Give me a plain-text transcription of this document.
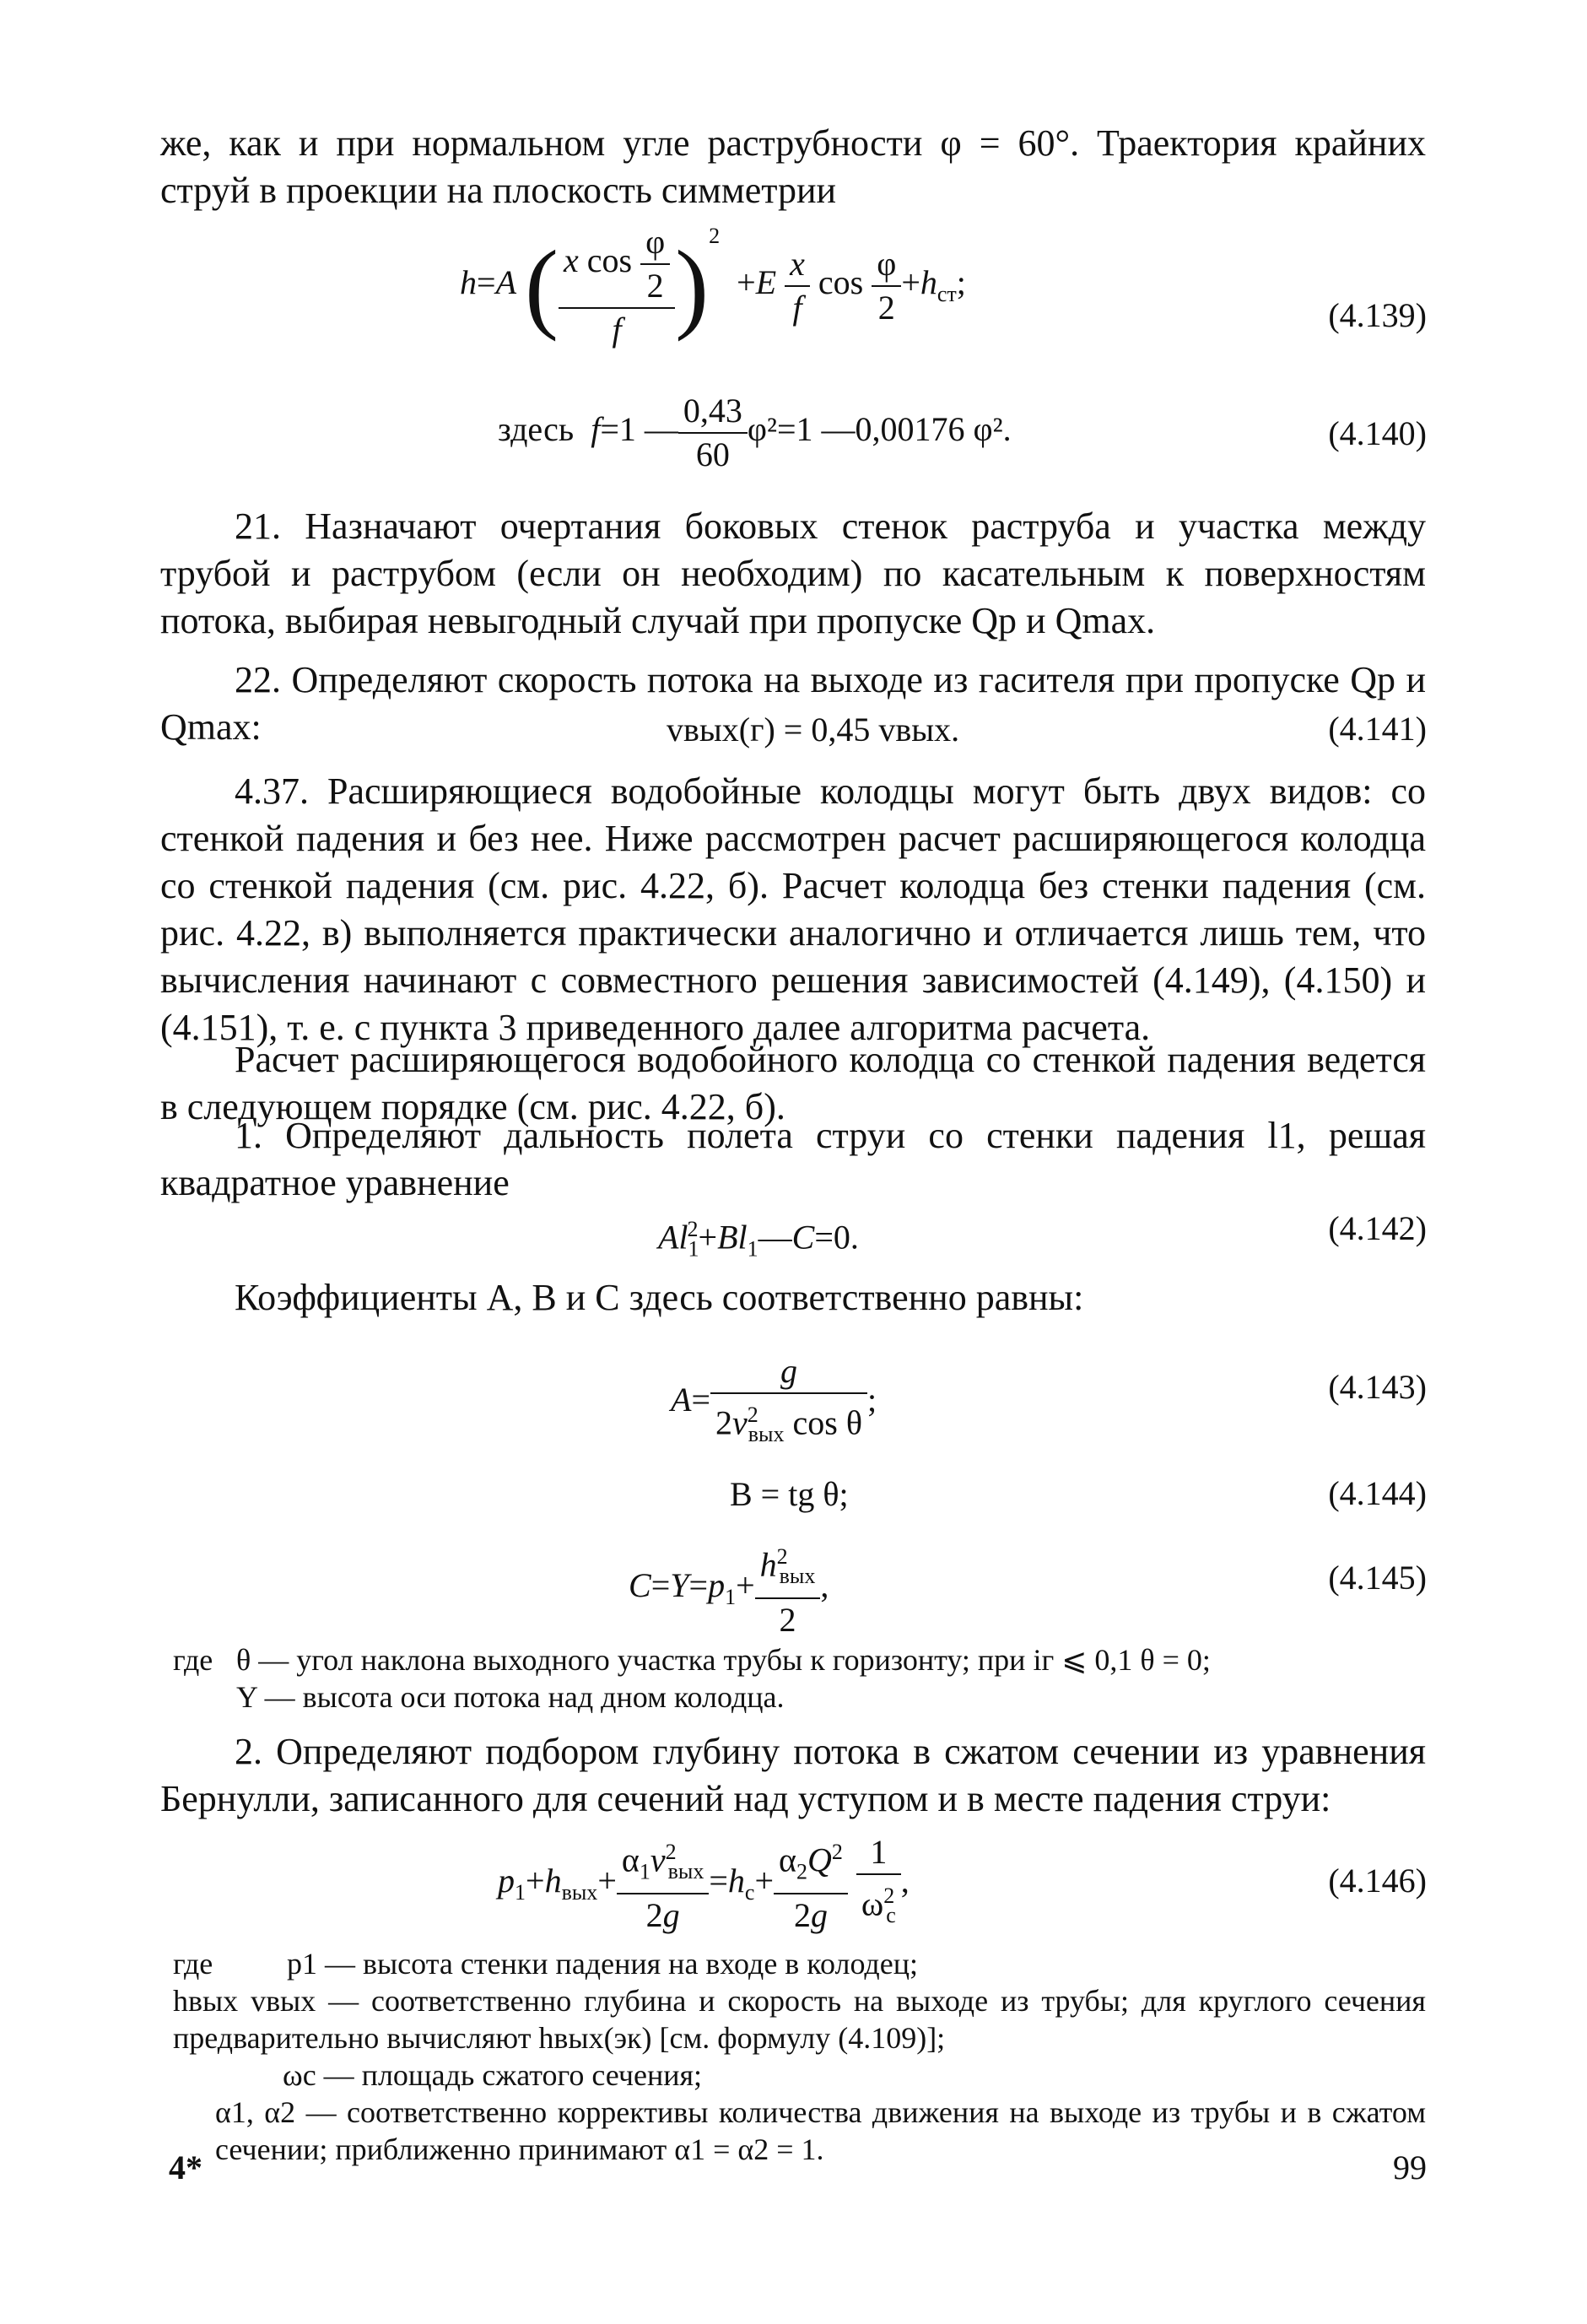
же, как и при нормальном угле раструбности φ = 60°. Траектория крайних струй в проекции на плоскость симметрии
h=A ( $\frac{x \cos \frac{\varphi}{2}}{f} )^2 +E \frac{x}{f}$ $\cos \frac{\varphi}{2} +h_{ст}$;
(4.139)
здесь f=1 — $\frac{0,43}{60} \varphi^2=1$ —0,00176 φ².	(4.140)
21. Назначают очертания боковых стенок раструба и участка между трубой и раструбом (если он необходим) по касательным к поверхностям потока, выбирая невыгодный случай при пропуске Qр и Qmax.
22. Определяют скорость потока на выходе из гасителя при пропуске Qр и Qmax:	vвых(г) = 0,45 vвых.	(4.141)
4.37. Расширяющиеся водобойные колодцы могут быть двух видов: со стенкой падения и без нее. Ниже рассмотрен расчет расширяющегося колодца со стенкой падения (см. рис. 4.22, б). Расчет колодца без стенки падения (см. рис. 4.22, в) выполняется практически аналогично и отличается лишь тем, что вычисления начинают с совместного решения зависимостей (4.149), (4.150) и (4.151), т. е. с пункта 3 приведенного далее алгоритма расчета.
Расчет расширяющегося водобойного колодца со стенкой падения ведется в следующем порядке (см. рис. 4.22, б).
1. Определяют дальность полета струи со стенки падения l1, решая квадратное уравнение
$Al_1^2+Bl_1—C=0$.	(4.142)
Коэффициенты A, B и C здесь соответственно равны:
$A= \frac{g}{2v^2_{вых} \cos \theta}$ ;	(4.143)
B = tg θ;	(4.144)
$C=Y=p_1+ \frac{h^2_{вых}}{2}$ ,	(4.145)
где θ — угол наклона выходного участка трубы к горизонту; при iг ⩽ 0,1 θ = 0;
Y — высота оси потока над дном колодца.
2. Определяют подбором глубину потока в сжатом сечении из уравнения Бернулли, записанного для сечений над уступом и в месте падения струи:
$p_1+h_{вых}+ \frac{\alpha_1v^2_{вых}}{2g} =h_с+ \frac{\alpha_2Q^2}{2g}$
$\frac{1}{\omega^2_с}$ ,	(4.146)
где p1 — высота стенки падения на входе в колодец;
hвых vвых — соответственно глубина и скорость на выходе из трубы; для круглого сечения предварительно вычисляют hвых(эк) [см. формулу (4.109)];
ωс — площадь сжатого сечения;
α1, α2 — соответственно коррективы количества движения на выходе из трубы и в сжатом сечении; приближенно принимают α1 = α2 = 1.
4*	99
